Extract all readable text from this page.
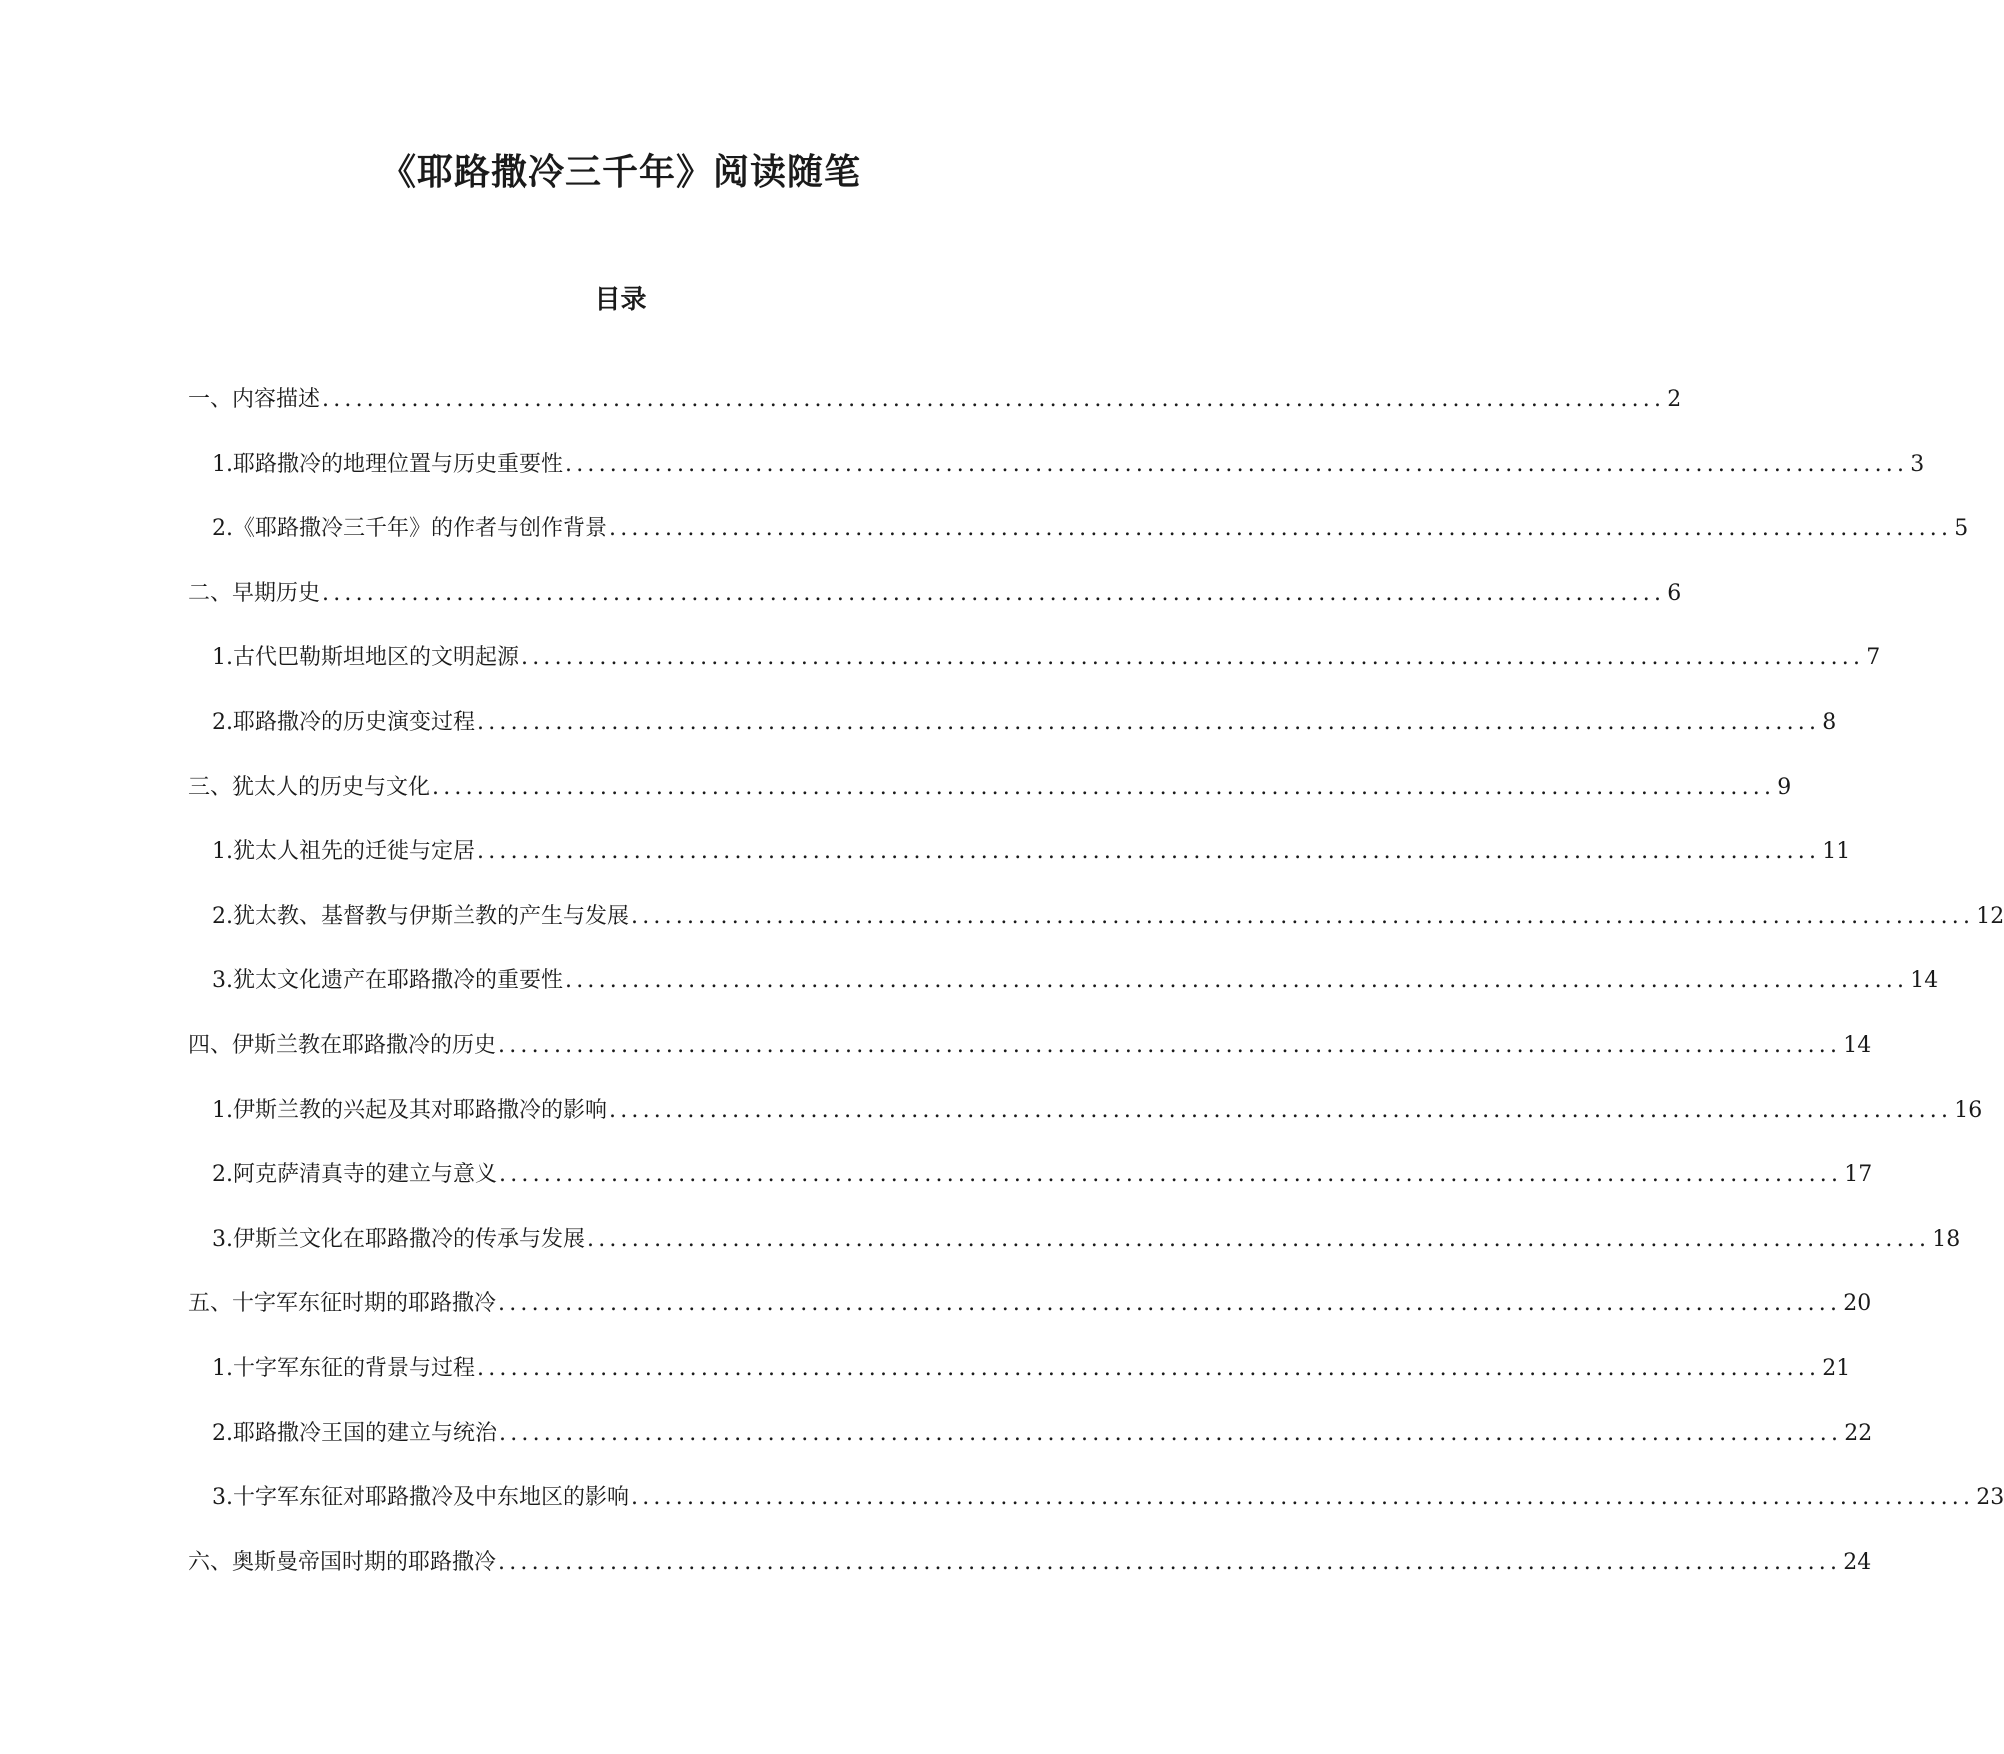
《耶路撒冷三千年》阅读随笔
目录
一、内容描述 ........................................................................................................................ 2
1. 耶路撒冷的地理位置与历史重要性 ........................................................................................................................ 3
2. 《耶路撒冷三千年》的作者与创作背景 ........................................................................................................................ 5
二、早期历史 ........................................................................................................................ 6
1. 古代巴勒斯坦地区的文明起源 ........................................................................................................................ 7
2. 耶路撒冷的历史演变过程 ........................................................................................................................ 8
三、犹太人的历史与文化 ........................................................................................................................ 9
1. 犹太人祖先的迁徙与定居 ........................................................................................................................ 11
2. 犹太教、基督教与伊斯兰教的产生与发展 ........................................................................................................................ 12
3. 犹太文化遗产在耶路撒冷的重要性 ........................................................................................................................ 14
四、伊斯兰教在耶路撒冷的历史 ........................................................................................................................ 14
1. 伊斯兰教的兴起及其对耶路撒冷的影响 ........................................................................................................................ 16
2. 阿克萨清真寺的建立与意义 ........................................................................................................................ 17
3. 伊斯兰文化在耶路撒冷的传承与发展 ........................................................................................................................ 18
五、十字军东征时期的耶路撒冷 ........................................................................................................................ 20
1. 十字军东征的背景与过程 ........................................................................................................................ 21
2. 耶路撒冷王国的建立与统治 ........................................................................................................................ 22
3. 十字军东征对耶路撒冷及中东地区的影响 ........................................................................................................................ 23
六、奥斯曼帝国时期的耶路撒冷 ........................................................................................................................ 24
